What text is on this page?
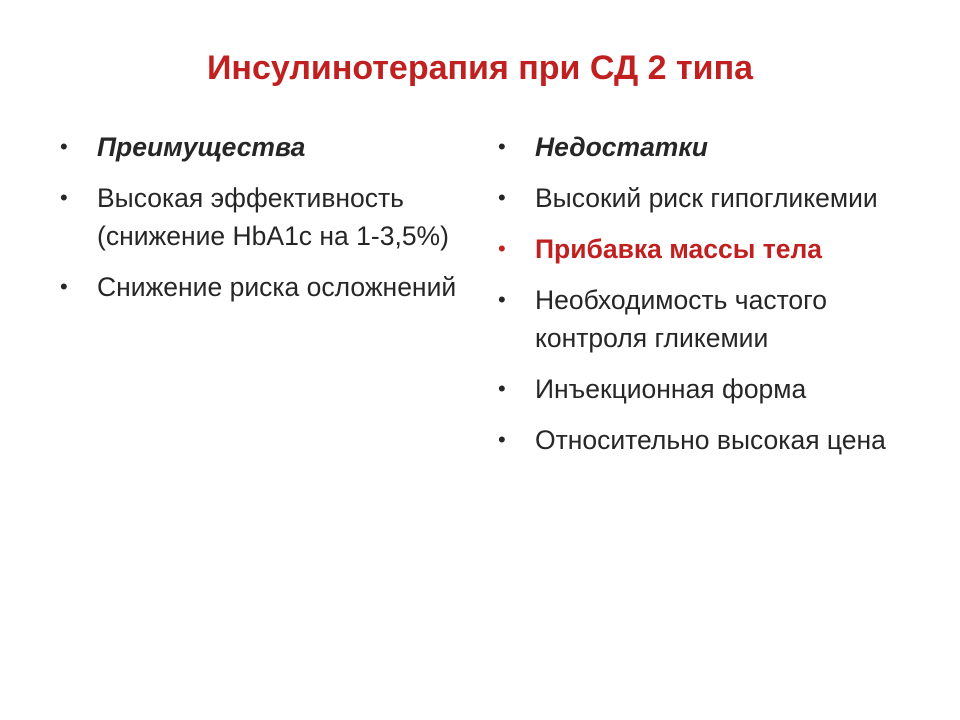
Инсулинотерапия при СД 2 типа
•	Преимущества
•	Высокая эффективность (снижение HbA1c на 1-3,5%)
•	Снижение риска осложнений
•	Недостатки
•	Высокий риск гипогликемии
•	Прибавка массы тела
•	Необходимость частого контроля гликемии
•	Инъекционная форма
•	Относительно высокая цена
